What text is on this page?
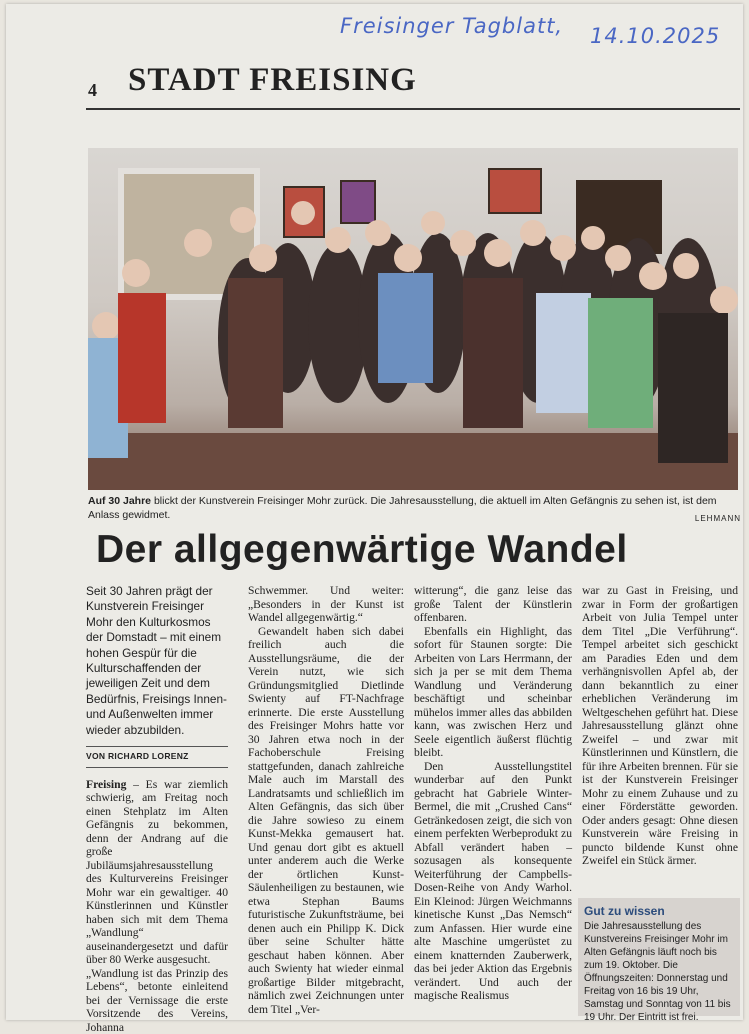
Freisinger Tagblatt, 14.10.2025
4 STADT FREISING
Auf 30 Jahre blickt der Kunstverein Freisinger Mohr zurück. Die Jahresausstellung, die aktuell im Alten Gefängnis zu sehen ist, ist dem Anlass gewidmet.	LEHMANN
Der allgegenwärtige Wandel
Seit 30 Jahren prägt der Kunstverein Freisinger Mohr den Kulturkosmos der Domstadt – mit einem hohen Gespür für die Kulturschaffenden der jeweiligen Zeit und dem Bedürfnis, Freisings Innen- und Außenwelten immer wieder abzubilden.
VON RICHARD LORENZ

Freising – Es war ziemlich schwierig, am Freitag noch einen Stehplatz im Alten Gefängnis zu bekommen, denn der Andrang auf die große Jubiläumsjahresausstellung des Kulturvereins Freisinger Mohr war ein gewaltiger. 40 Künstlerinnen und Künstler haben sich mit dem Thema „Wandlung“ auseinandergesetzt und dafür über 80 Werke ausgesucht.

„Wandlung ist das Prinzip des Lebens“, betonte einleitend bei der Vernissage die erste Vorsitzende des Vereins, Johanna

Schwemmer. Und weiter: „Besonders in der Kunst ist Wandel allgegenwärtig.“

Gewandelt haben sich dabei freilich auch die Ausstellungsräume, die der Verein nutzt, wie sich Gründungsmitglied Dietlinde Swienty auf FT-Nachfrage erinnerte. Die erste Ausstellung des Freisinger Mohrs hatte vor 30 Jahren etwa noch in der Fachoberschule Freising stattgefunden, danach zahlreiche Male auch im Marstall des Landratsamts und schließlich im Alten Gefängnis, das sich über die Jahre sowieso zu einem Kunst-Mekka gemausert hat. Und genau dort gibt es aktuell unter anderem auch die Werke der örtlichen Kunst-Säulenheiligen zu bestaunen, wie etwa Stephan Baums futuristische Zukunftsträume, bei denen auch ein Philipp K. Dick über seine Schulter hätte geschaut haben können. Aber auch Swienty hat wieder einmal großartige Bilder mitgebracht, nämlich zwei Zeichnungen unter dem Titel „Ver-

witterung“, die ganz leise das große Talent der Künstlerin offenbaren.

Ebenfalls ein Highlight, das sofort für Staunen sorgte: Die Arbeiten von Lars Herrmann, der sich ja per se mit dem Thema Wandlung und Veränderung beschäftigt und scheinbar mühelos immer alles das abbilden kann, was zwischen Herz und Seele eigentlich äußerst flüchtig bleibt.

Den Ausstellungstitel wunderbar auf den Punkt gebracht hat Gabriele Winter-Bermel, die mit „Crushed Cans“ Getränkedosen zeigt, die sich von einem perfekten Werbeprodukt zu Abfall verändert haben – sozusagen als konsequente Weiterführung der Campbells-Dosen-Reihe von Andy Warhol. Ein Kleinod: Jürgen Weichmanns kinetische Kunst „Das Nemsch“ zum Anfassen. Hier wurde eine alte Maschine umgerüstet zu einem knatternden Zauberwerk, das bei jeder Aktion das Ergebnis verändert. Und auch der magische Realismus

war zu Gast in Freising, und zwar in Form der großartigen Arbeit von Julia Tempel unter dem Titel „Die Verführung“. Tempel arbeitet sich geschickt am Paradies Eden und dem verhängnisvollen Apfel ab, der dann bekanntlich zu einer erheblichen Veränderung im Weltgeschehen geführt hat. Diese Jahresausstellung glänzt ohne Zweifel – und zwar mit Künstlerinnen und Künstlern, die für ihre Arbeiten brennen. Für sie ist der Kunstverein Freisinger Mohr zu einem Zuhause und zu einer Förderstätte geworden. Oder anders gesagt: Ohne diesen Kunstverein wäre Freising in puncto bildende Kunst ohne Zweifel ein Stück ärmer.

Gut zu wissen
Die Jahresausstellung des Kunstvereins Freisinger Mohr im Alten Gefängnis läuft noch bis zum 19. Oktober. Die Öffnungszeiten: Donnerstag und Freitag von 16 bis 19 Uhr, Samstag und Sonntag von 11 bis 19 Uhr. Der Eintritt ist frei.
